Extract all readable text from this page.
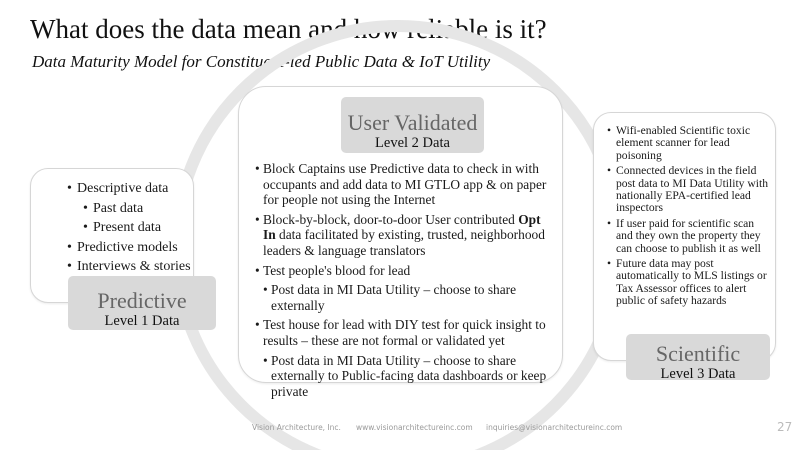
What does the data mean and how reliable is it?
Data Maturity Model for Constituent-led Public Data & IoT Utility
• Descriptive data
• Past data
• Present data
• Predictive models
• Interviews & stories
Predictive
Level 1 Data
• Block Captains use Predictive data to check in with occupants and add data to MI GTLO app & on paper for people not using the Internet
• Block-by-block, door-to-door User contributed Opt In data facilitated by existing, trusted, neighborhood leaders & language translators
• Test people's blood for lead
• Post data in MI Data Utility – choose to share externally
• Test house for lead with DIY test for quick insight to results – these are not formal or validated yet
• Post data in MI Data Utility – choose to share externally to Public-facing data dashboards or keep private
User Validated
Level 2 Data
• Wifi-enabled Scientific toxic element scanner for lead poisoning
• Connected devices in the field post data to MI Data Utility with nationally EPA-certified lead inspectors
• If user paid for scientific scan and they own the property they can choose to publish it as well
• Future data may post automatically to MLS listings or Tax Assessor offices to alert public of safety hazards
Scientific
Level 3 Data
Vision Architecture, Inc. www.visionarchitectureinc.com inquiries@visionarchitectureinc.com	27
